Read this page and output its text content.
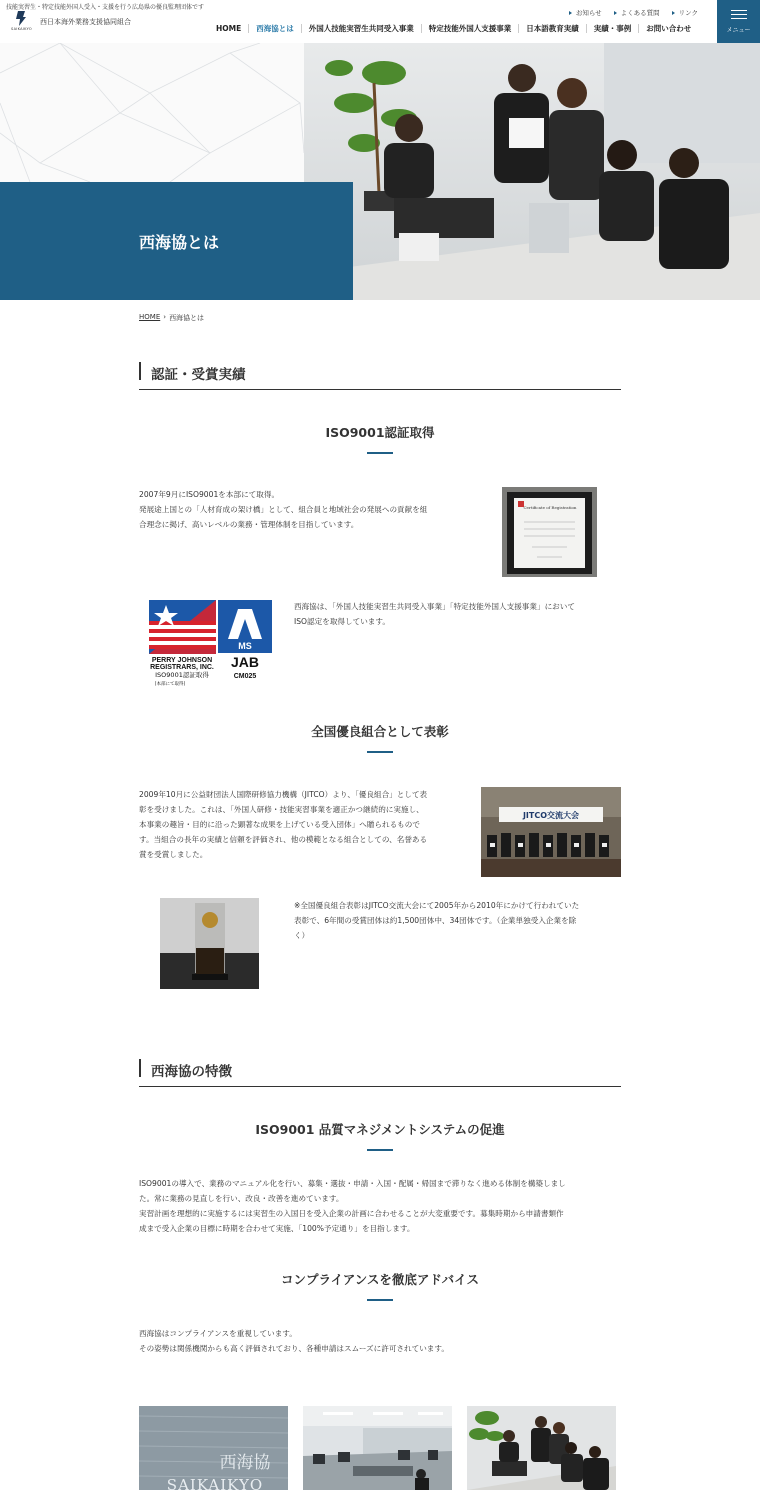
技能実習生・特定技能外国人受入・支援を行う広島県の優良監理団体です
SAIKAIKYO
西日本海外業務支援協同組合
お知らせ	よくある質問	リンク
HOME	西海協とは	外国人技能実習生共同受入事業	特定技能外国人支援事業	日本語教育実績	実績・事例	お問い合わせ	メニュー
西海協とは
HOME › 西海協とは
認証・受賞実績
ISO9001認証取得
2007年9月にISO9001を本部にて取得。
発展途上国との「人材育成の架け橋」として、組合員と地域社会の発展への貢献を組
合理念に掲げ、高いレベルの業務・管理体制を目指しています。
Certificate of Registration
PERRY JOHNSON
REGISTRARS, INC.
ISO9001認証取得
[本部にて取得]
MS
JAB
CM025
西海協は、「外国人技能実習生共同受入事業」「特定技能外国人支援事業」において
ISO認定を取得しています。
全国優良組合として表彰
2009年10月に公益財団法人国際研修協力機構（JITCO）より、「優良組合」として表
彰を受けました。これは、「外国人研修・技能実習事業を適正かつ継続的に実施し、
本事業の趣旨・目的に沿った顕著な成果を上げている受入団体」へ贈られるもので
す。当組合の長年の実績と信頼を評価され、他の模範となる組合としての、名誉ある
賞を受賞しました。
JITCO交流大会
※全国優良組合表彰はJITCO交流大会にて2005年から2010年にかけて行われていた
表彰で、6年間の受賞団体は約1,500団体中、34団体です。（企業単独受入企業を除
く）
西海協の特徴
ISO9001 品質マネジメントシステムの促進
ISO9001の導入で、業務のマニュアル化を行い、募集・選抜・申請・入国・配属・帰国まで滞りなく進める体制を構築しまし
た。常に業務の見直しを行い、改良・改善を進めています。
実習計画を理想的に実施するには実習生の入国日を受入企業の計画に合わせることが大変重要です。募集時期から申請書類作
成まで受入企業の目標に時期を合わせて実施、「100%予定通り」を目指します。
コンプライアンスを徹底アドバイス
西海協はコンプライアンスを重視しています。
その姿勢は関係機関からも高く評価されており、各種申請はスムーズに許可されています。
西海協
SAIKAIKYO
